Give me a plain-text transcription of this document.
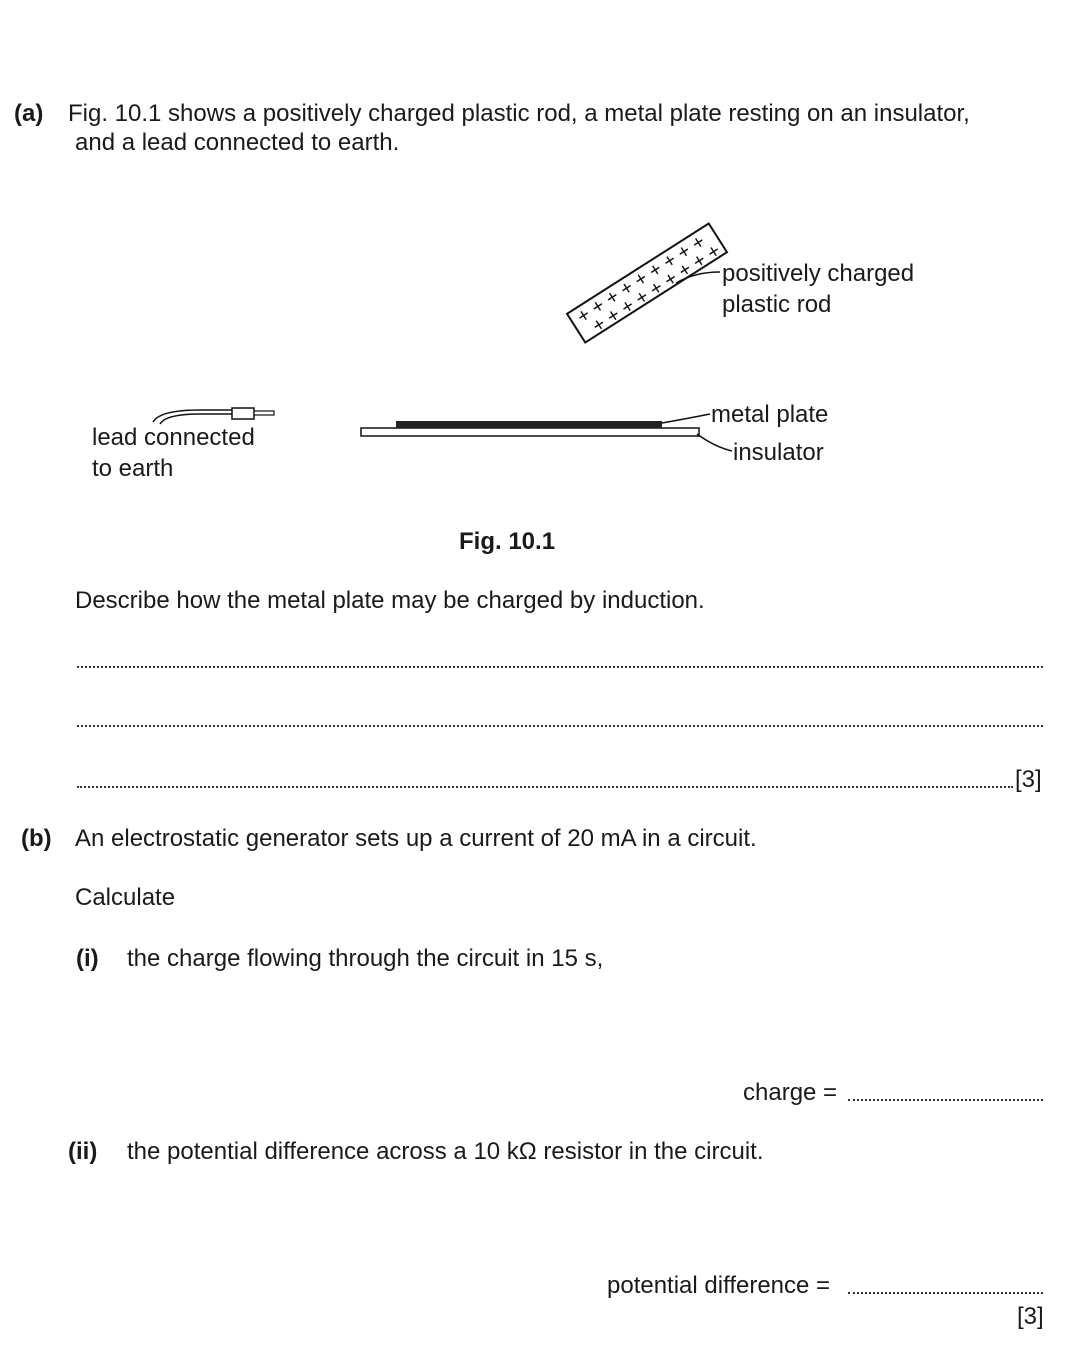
(a) Fig. 10.1 shows a positively charged plastic rod, a metal plate resting on an insulator,
and a lead connected to earth.
+
+
+
+
+
+
+
+
+
+
+
+
+
+
+
+
+
+
positively charged
plastic rod
metal plate
insulator
lead connected
to earth
Fig. 10.1
Describe how the metal plate may be charged by induction.
[3]
(b) An electrostatic generator sets up a current of 20 mA in a circuit.
Calculate
(i) the charge flowing through the circuit in 15 s,
charge =
(ii) the potential difference across a 10 kΩ resistor in the circuit.
potential difference =
[3]
